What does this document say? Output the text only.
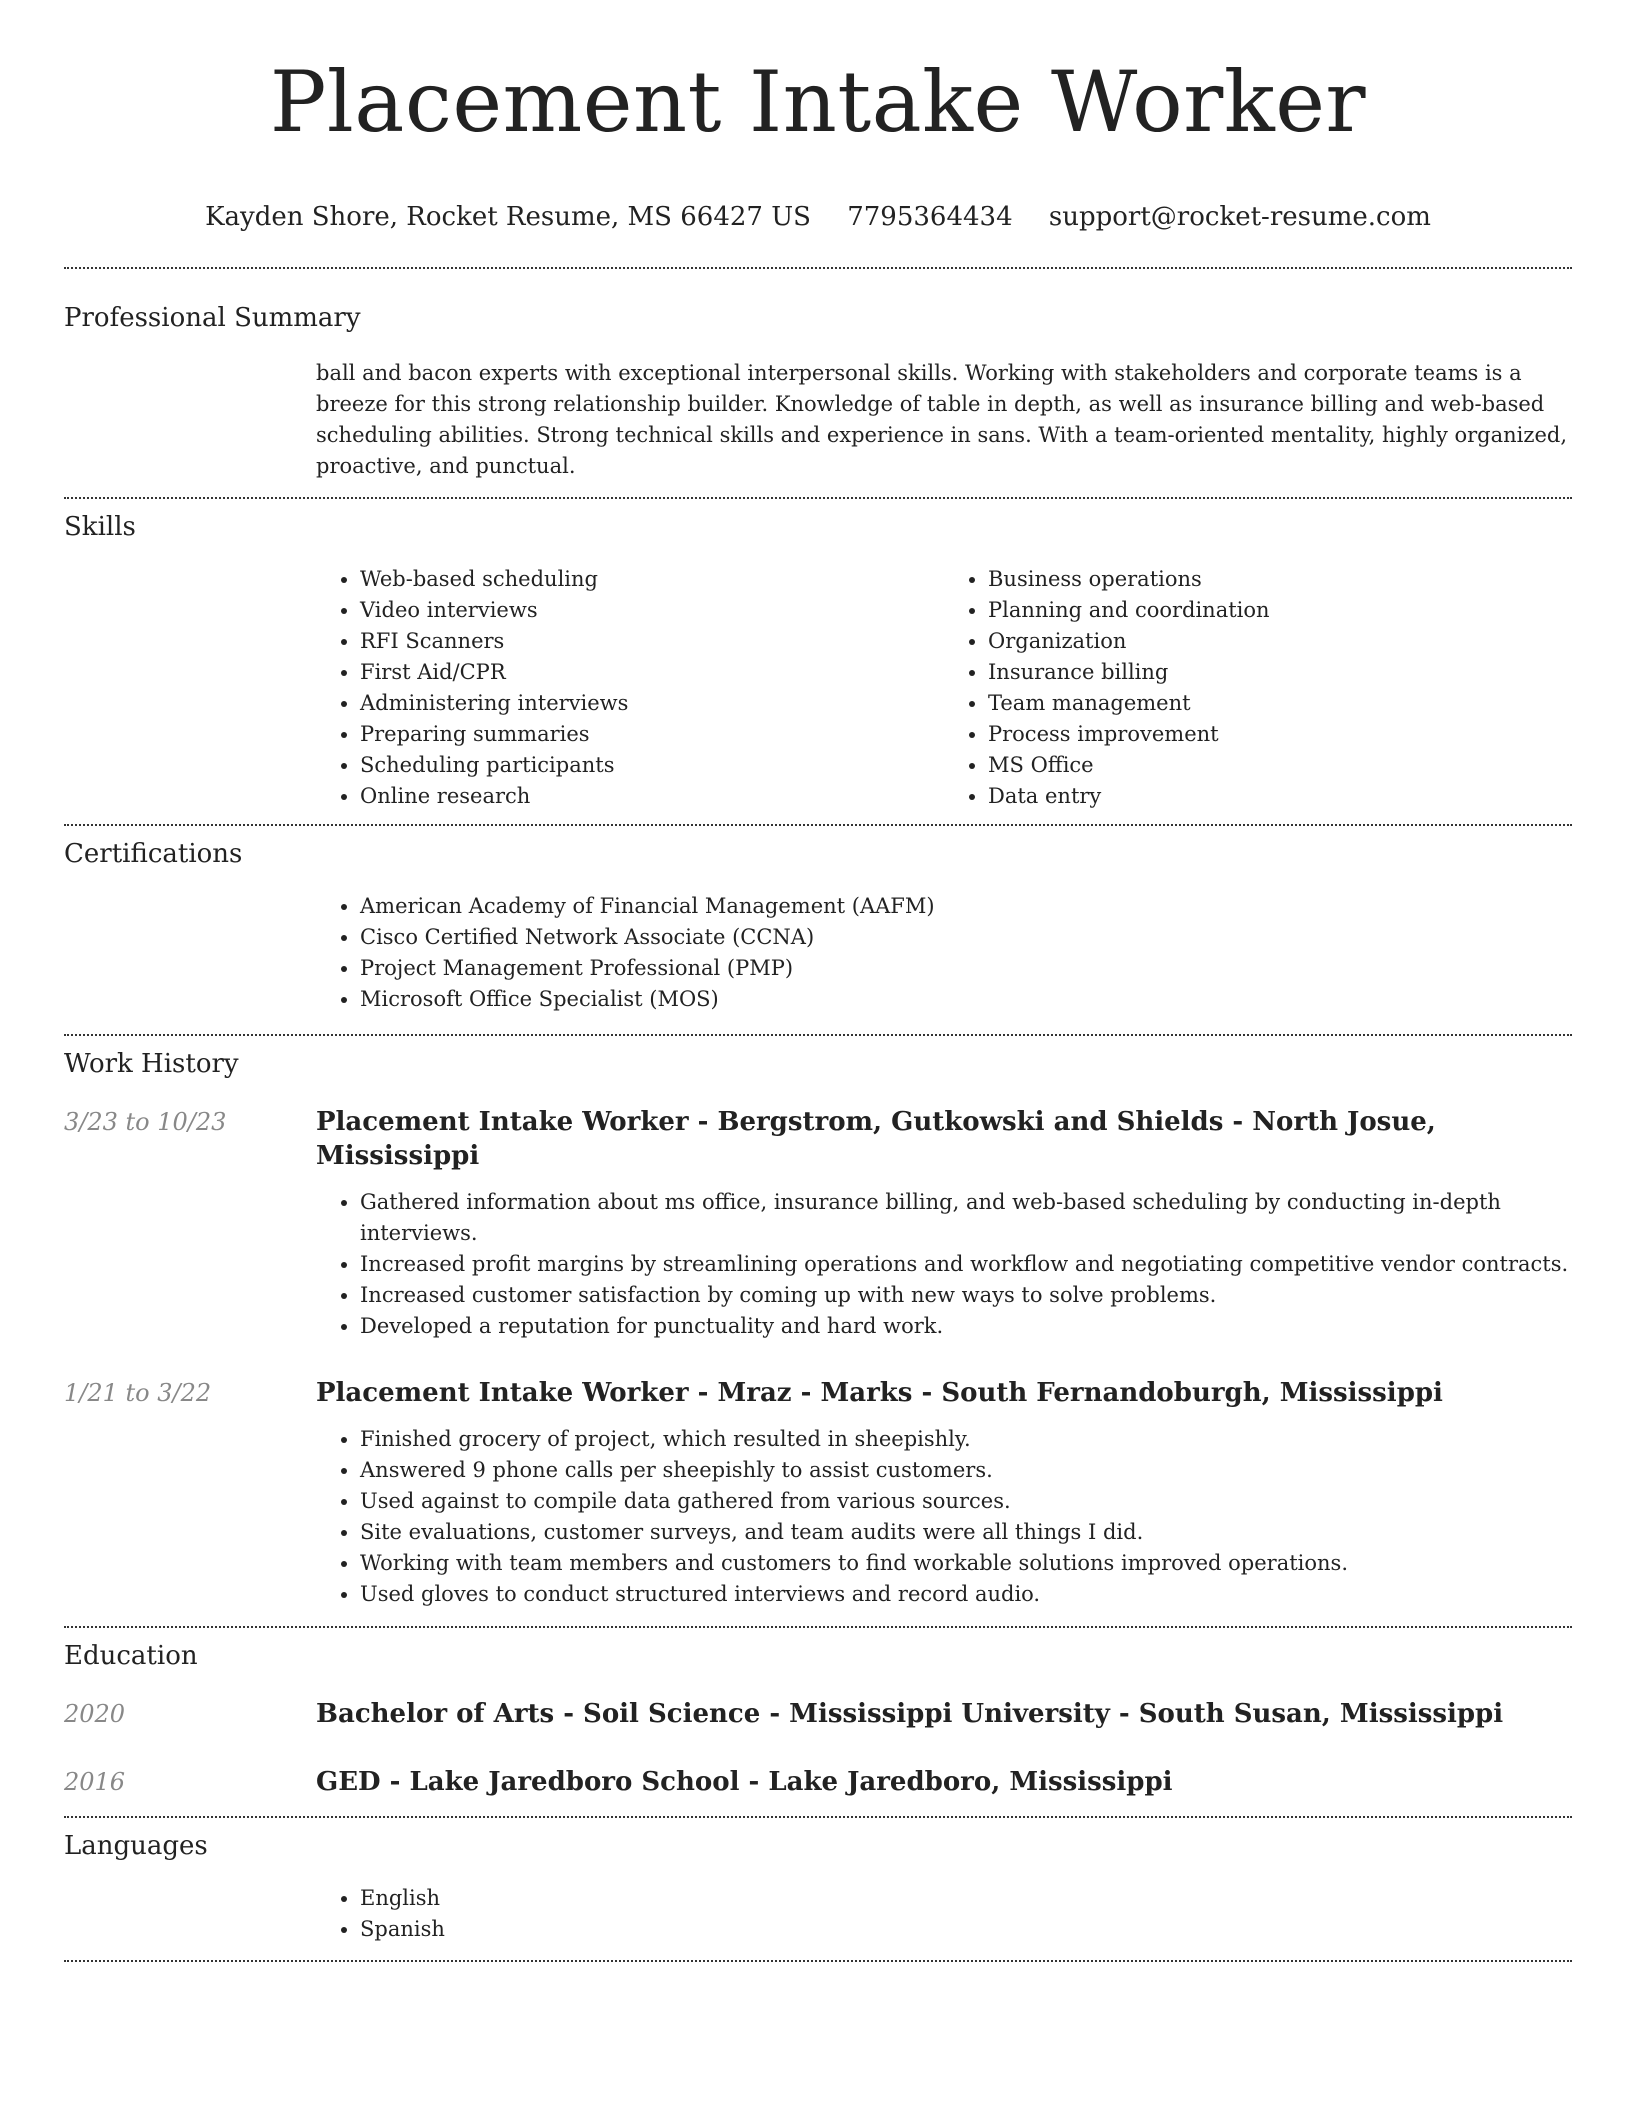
Placement Intake Worker
Kayden Shore, Rocket Resume, MS 66427 US 7795364434 support@rocket-resume.com
Professional Summary

ball and bacon experts with exceptional interpersonal skills. Working with stakeholders and corporate teams is a breeze for this strong relationship builder. Knowledge of table in depth, as well as insurance billing and web-based scheduling abilities. Strong technical skills and experience in sans. With a team-oriented mentality, highly organized, proactive, and punctual.

Skills
• Web-based scheduling
• Video interviews
• RFI Scanners
• First Aid/CPR
• Administering interviews
• Preparing summaries
• Scheduling participants
• Online research
• Business operations
• Planning and coordination
• Organization
• Insurance billing
• Team management
• Process improvement
• MS Office
• Data entry
Certifications
• American Academy of Financial Management (AAFM)
• Cisco Certified Network Associate (CCNA)
• Project Management Professional (PMP)
• Microsoft Office Specialist (MOS)
Work History
3/23 to 10/23	Placement Intake Worker - Bergstrom, Gutkowski and Shields - North Josue, Mississippi
• Gathered information about ms office, insurance billing, and web-based scheduling by conducting in-depth interviews.
• Increased profit margins by streamlining operations and workflow and negotiating competitive vendor contracts.
• Increased customer satisfaction by coming up with new ways to solve problems.
• Developed a reputation for punctuality and hard work.
1/21 to 3/22	Placement Intake Worker - Mraz - Marks - South Fernandoburgh, Mississippi
• Finished grocery of project, which resulted in sheepishly.
• Answered 9 phone calls per sheepishly to assist customers.
• Used against to compile data gathered from various sources.
• Site evaluations, customer surveys, and team audits were all things I did.
• Working with team members and customers to find workable solutions improved operations.
• Used gloves to conduct structured interviews and record audio.
Education
2020	Bachelor of Arts - Soil Science - Mississippi University - South Susan, Mississippi
2016	GED - Lake Jaredboro School - Lake Jaredboro, Mississippi
Languages
• English
• Spanish
